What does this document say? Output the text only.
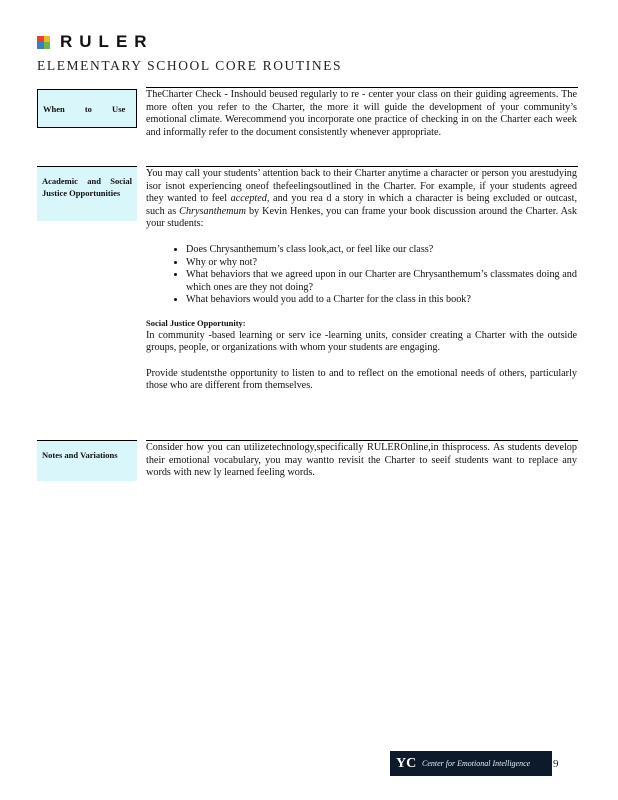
RULER
ELEMENTARY SCHOOL CORE ROUTINES
When to Use
TheCharter Check - Inshould beused regularly to re - center your class on their guiding agreements. The more often you refer to the Charter, the more it will guide the development of your community’s emotional climate. Werecommend you incorporate one practice of checking in on the Charter each week and informally refer to the document consistently whenever appropriate.
Academic and Social Justice Opportunities

You may call your students’ attention back to their Charter anytime a character or person you arestudying isor isnot experiencing oneof thefeelingsoutlined in the Charter. For example, if your students agreed they wanted to feel accepted, and you rea d a story in which a character is being excluded or outcast, such as Chrysanthemum by Kevin Henkes, you can frame your book discussion around the Charter. Ask your students:

• Does Chrysanthemum’s class look,act, or feel like our class?
• Why or why not?
• What behaviors that we agreed upon in our Charter are Chrysanthemum’s classmates doing and which ones are they not doing?
• What behaviors would you add to a Charter for the class in this book?

Social Justice Opportunity:

In community -based learning or serv ice -learning units, consider creating a Charter with the outside groups, people, or organizations with whom your students are engaging.

Provide studentsthe opportunity to listen to and to reflect on the emotional needs of others, particularly those who are different from themselves.

Notes and Variations
Consider how you can utilizetechnology,specifically RULEROnline,in thisprocess. As students develop their emotional vocabulary, you may wantto revisit the Charter to seeif students want to replace any words with new ly learned feeling words.
YC Center for Emotional Intelligence 9
